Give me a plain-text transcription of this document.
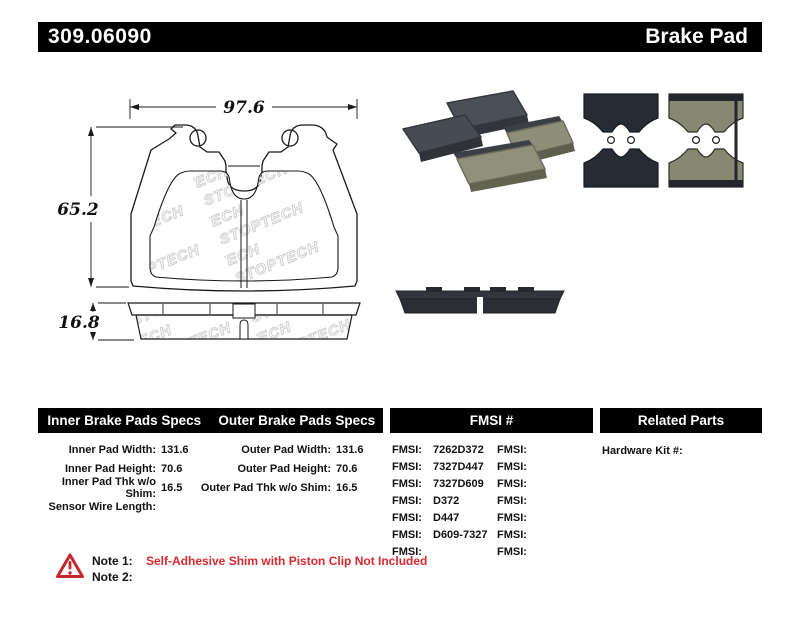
309.06090	Brake Pad
97.6
65.2
16.8
Inner Brake Pads Specs	Outer Brake Pads Specs	FMSI #	Related Parts
Inner Pad Width: 131.6
Inner Pad Height: 70.6
Inner Pad Thk w/o Shim: 16.5
Sensor Wire Length:
Outer Pad Width: 131.6
Outer Pad Height: 70.6
Outer Pad Thk w/o Shim: 16.5
FMSI:	7262D372
FMSI:	7327D447
FMSI:	7327D609
FMSI:	D372
FMSI:	D447
FMSI:	D609-7327
FMSI:
FMSI:
FMSI:
FMSI:
FMSI:
FMSI:
FMSI:
FMSI:
Hardware Kit #:
Note 1:	Self-Adhesive Shim with Piston Clip Not Included
Note 2:
